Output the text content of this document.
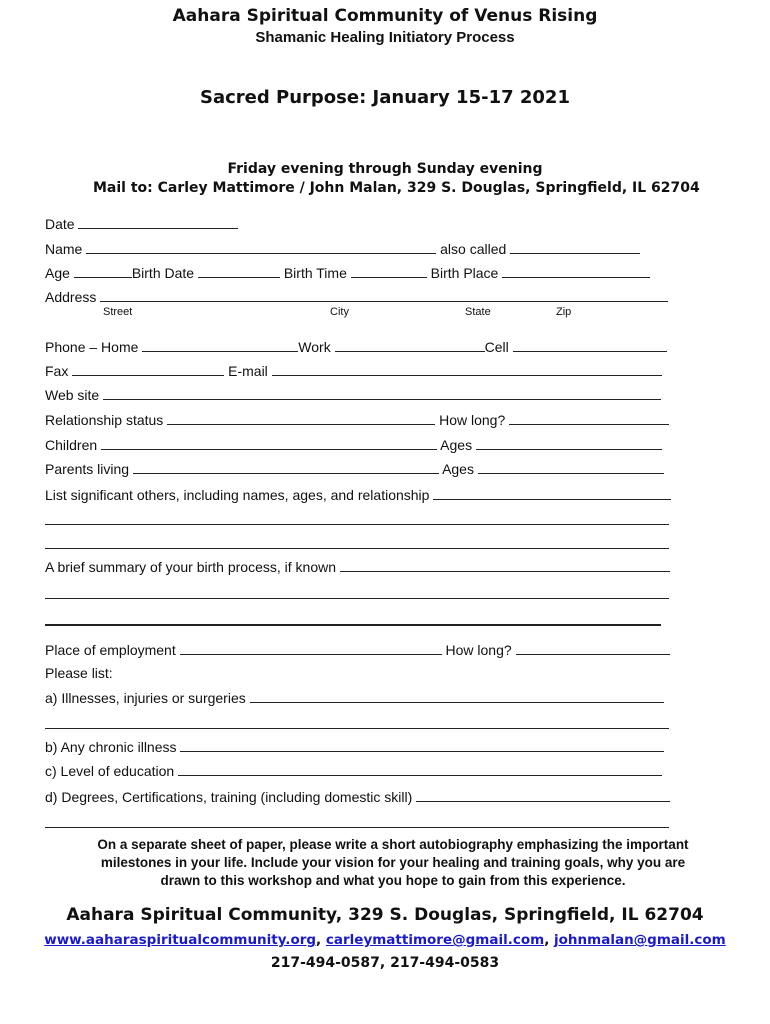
Aahara Spiritual Community of Venus Rising
Shamanic Healing Initiatory Process
Sacred Purpose: January 15-17 2021
Friday evening through Sunday evening
Mail to: Carley Mattimore / John Malan, 329 S. Douglas, Springfield, IL 62704
Date
Name	also called
Age	Birth Date	Birth Time	Birth Place
Address
Street	City	State	Zip
Phone – Home	Work	Cell
Fax	E-mail
Web site
Relationship status	How long?
Children	Ages
Parents living	Ages
List significant others, including names, ages, and relationship
A brief summary of your birth process, if known
Place of employment	How long?
Please list:
a) Illnesses, injuries or surgeries
b) Any chronic illness
c) Level of education
d) Degrees, Certifications, training (including domestic skill)
On a separate sheet of paper, please write a short autobiography emphasizing the important
milestones in your life. Include your vision for your healing and training goals, why you are
drawn to this workshop and what you hope to gain from this experience.
Aahara Spiritual Community, 329 S. Douglas, Springfield, IL 62704
www.aaharaspiritualcommunity.org, carleymattimore@gmail.com, johnmalan@gmail.com
217-494-0587, 217-494-0583
